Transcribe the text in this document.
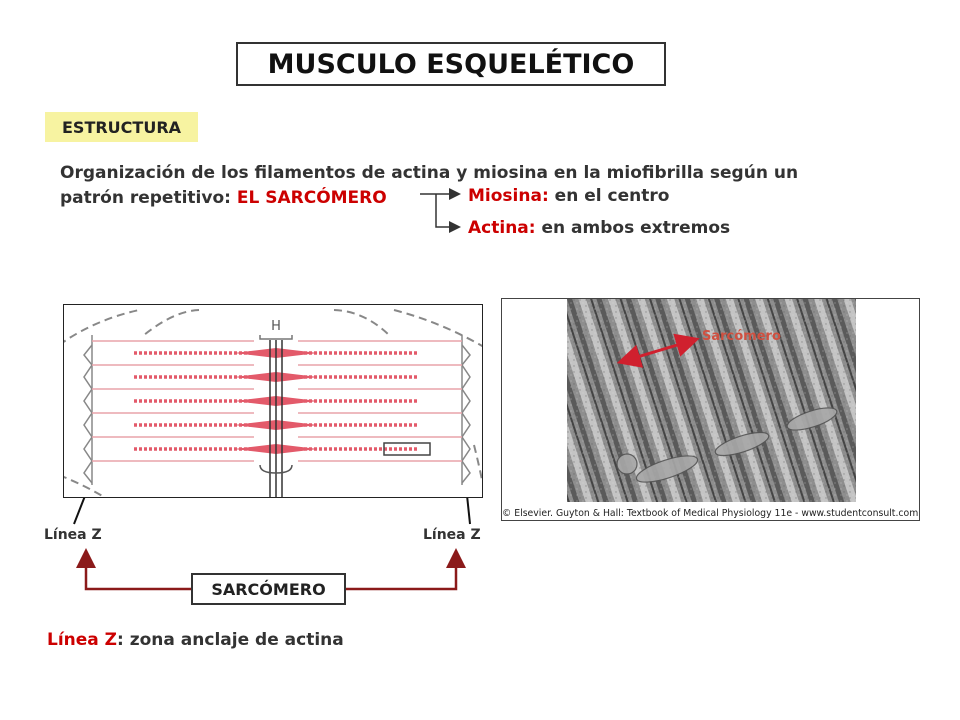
MUSCULO ESQUELÉTICO
ESTRUCTURA
Organización de los filamentos de actina y miosina en la miofibrilla según un
patrón repetitivo: EL SARCÓMERO	Miosina: en el centro
Actina: en ambos extremos
H
© Elsevier. Guyton & Hall: Textbook of Medical Physiology 11e - www.studentconsult.com
Sarcómero
Línea Z	Línea Z
SARCÓMERO
Línea Z: zona anclaje de actina
